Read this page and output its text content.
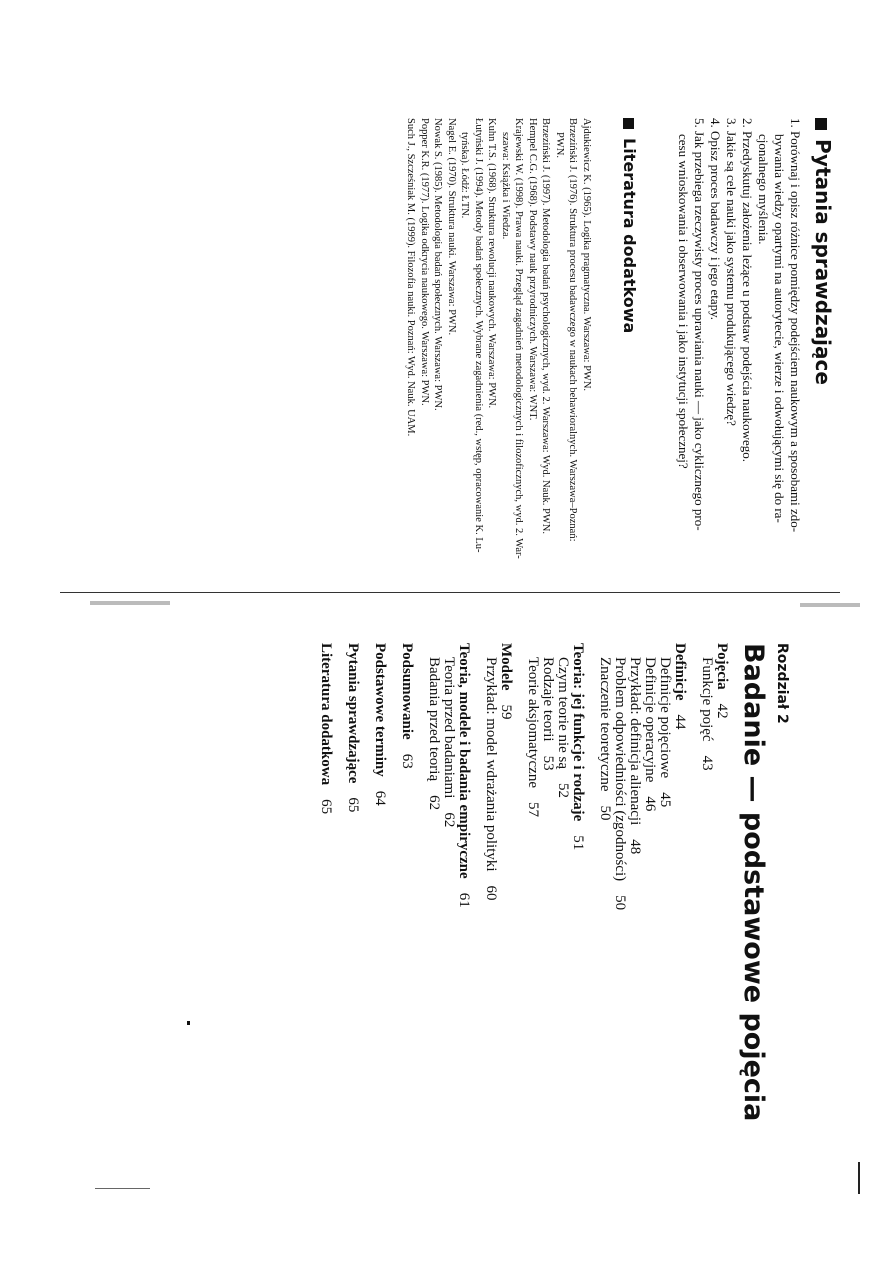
Pytania sprawdzające
1. Porównaj i opisz różnice pomiędzy podejściem naukowym a sposobami zdo-
bywania wiedzy opartymi na autorytecie, wierze i odwołującymi się do ra-
cjonalnego myślenia.
2. Przedyskutuj założenia leżące u podstaw podejścia naukowego.
3. Jakie są cele nauki jako systemu produkującego wiedzę?
4. Opisz proces badawczy i jego etapy.
5. Jak przebiega rzeczywisty proces uprawiania nauki — jako cyklicznego pro-
cesu wnioskowania i obserwowania i jako instytucji społecznej?
Literatura dodatkowa
Ajdukiewicz K. (1965). Logika pragmatyczna. Warszawa: PWN.
Brzeziński J. (1976). Struktura procesu badawczego w naukach behawioralnych. Warszawa–Poznań:
PWN.
Brzeziński J. (1997). Metodologia badań psychologicznych, wyd. 2. Warszawa: Wyd. Nauk. PWN.
Hempel C.G. (1968). Podstawy nauk przyrodniczych. Warszawa: WNT.
Krajewski W. (1998). Prawa nauki. Przegląd zagadnień metodologicznych i filozoficznych, wyd. 2. War-
szawa: Książka i Wiedza.
Kuhn T.S. (1968). Struktura rewolucji naukowych. Warszawa: PWN.
Łutyński J. (1994). Metody badań społecznych. Wybrane zagadnienia (red., wstęp, opracowanie K. Lu-
tyńska). Łódź: ŁTN.
Nagel E. (1970). Struktura nauki. Warszawa: PWN.
Nowak S. (1985). Metodologia badań społecznych. Warszawa: PWN.
Popper K.R. (1977). Logika odkrycia naukowego. Warszawa: PWN.
Such J., Szcześniak M. (1999). Filozofia nauki. Poznań: Wyd. Nauk. UAM.
Rozdział 2
Badanie — podstawowe pojęcia
Pojęcia42
Funkcje pojęć43
Definicje44
Definicje pojęciowe45
Definicje operacyjne46
Przykład: definicja alienacji48
Problem odpowiedniości (zgodności)50
Znaczenie teoretyczne50
Teoria: jej funkcje i rodzaje51
Czym teorie nie są52
Rodzaje teorii53
Teorie aksjomatyczne57
Modele59
Przykład: model wdrażania polityki60
Teoria, modele i badania empiryczne61
Teoria przed badaniami62
Badania przed teorią62
Podsumowanie63
Podstawowe terminy64
Pytania sprawdzające65
Literatura dodatkowa65
